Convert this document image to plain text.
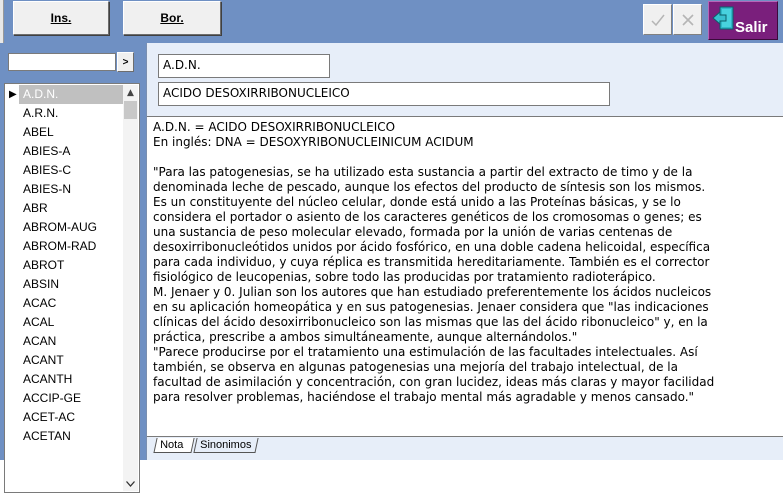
Ins.	Bor.
Salir
>
▶ A.D.N.
A.R.N.
ABEL
ABIES-A
ABIES-C
ABIES-N
ABR
ABROM-AUG
ABROM-RAD
ABROT
ABSIN
ACAC
ACAL
ACAN
ACANT
ACANTH
ACCIP-GE
ACET-AC
ACETAN
▲
A.D.N.
ACIDO DESOXIRRIBONUCLEICO

A.D.N. = ACIDO DESOXIRRIBONUCLEICO

En inglés: DNA = DESOXYRIBONUCLEINICUM ACIDUM

"Para las patogenesias, se ha utilizado esta sustancia a partir del extracto de timo y de la

denominada leche de pescado, aunque los efectos del producto de síntesis son los mismos.

Es un constituyente del núcleo celular, donde está unido a las Proteínas básicas, y se lo

considera el portador o asiento de los caracteres genéticos de los cromosomas o genes; es

una sustancia de peso molecular elevado, formada por la unión de varias centenas de

desoxirribonucleótidos unidos por ácido fosfórico, en una doble cadena helicoidal, específica

para cada individuo, y cuya réplica es transmitida hereditariamente. También es el corrector

fisiológico de leucopenias, sobre todo las producidas por tratamiento radioterápico.

M. Jenaer y 0. Julian son los autores que han estudiado preferentemente los ácidos nucleicos

en su aplicación homeopática y en sus patogenesias. Jenaer considera que "las indicaciones

clínicas del ácido desoxirribonucleico son las mismas que las del ácido ribonucleico" y, en la

práctica, prescribe a ambos simultáneamente, aunque alternándolos."

"Parece producirse por el tratamiento una estimulación de las facultades intelectuales. Así

también, se observa en algunas patogenesias una mejoría del trabajo intelectual, de la

facultad de asimilación y concentración, con gran lucidez, ideas más claras y mayor facilidad

para resolver problemas, haciéndose el trabajo mental más agradable y menos cansado."

Nota	Sinonimos
